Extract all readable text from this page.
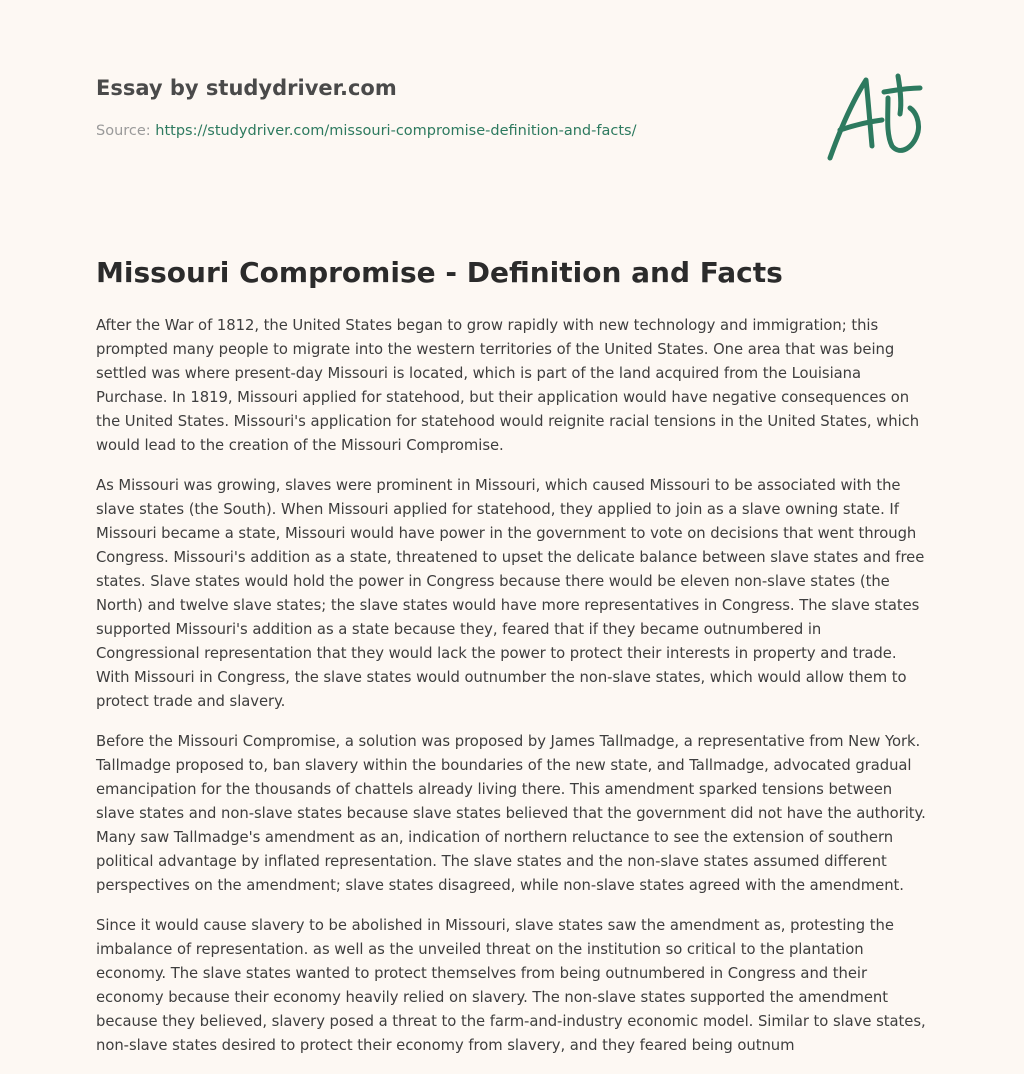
Essay by studydriver.com
Source: https://studydriver.com/missouri-compromise-definition-and-facts/
Missouri Compromise - Definition and Facts

After the War of 1812, the United States began to grow rapidly with new technology and immigration; this prompted many people to migrate into the western territories of the United States. One area that was being settled was where present-day Missouri is located, which is part of the land acquired from the Louisiana Purchase. In 1819, Missouri applied for statehood, but their application would have negative consequences on the United States. Missouri's application for statehood would reignite racial tensions in the United States, which would lead to the creation of the Missouri Compromise.

As Missouri was growing, slaves were prominent in Missouri, which caused Missouri to be associated with the slave states (the South). When Missouri applied for statehood, they applied to join as a slave owning state. If Missouri became a state, Missouri would have power in the government to vote on decisions that went through Congress. Missouri's addition as a state, threatened to upset the delicate balance between slave states and free states. Slave states would hold the power in Congress because there would be eleven non-slave states (the North) and twelve slave states; the slave states would have more representatives in Congress. The slave states supported Missouri's addition as a state because they, feared that if they became outnumbered in Congressional representation that they would lack the power to protect their interests in property and trade. With Missouri in Congress, the slave states would outnumber the non-slave states, which would allow them to protect trade and slavery.

Before the Missouri Compromise, a solution was proposed by James Tallmadge, a representative from New York. Tallmadge proposed to, ban slavery within the boundaries of the new state, and Tallmadge, advocated gradual emancipation for the thousands of chattels already living there. This amendment sparked tensions between slave states and non-slave states because slave states believed that the government did not have the authority. Many saw Tallmadge's amendment as an, indication of northern reluctance to see the extension of southern political advantage by inflated representation. The slave states and the non-slave states assumed different perspectives on the amendment; slave states disagreed, while non-slave states agreed with the amendment.

Since it would cause slavery to be abolished in Missouri, slave states saw the amendment as, protesting the imbalance of representation. as well as the unveiled threat on the institution so critical to the plantation economy. The slave states wanted to protect themselves from being outnumbered in Congress and their economy because their economy heavily relied on slavery. The non-slave states supported the amendment because they believed, slavery posed a threat to the farm-and-industry economic model. Similar to slave states, non-slave states desired to protect their economy from slavery, and they feared being outnum
